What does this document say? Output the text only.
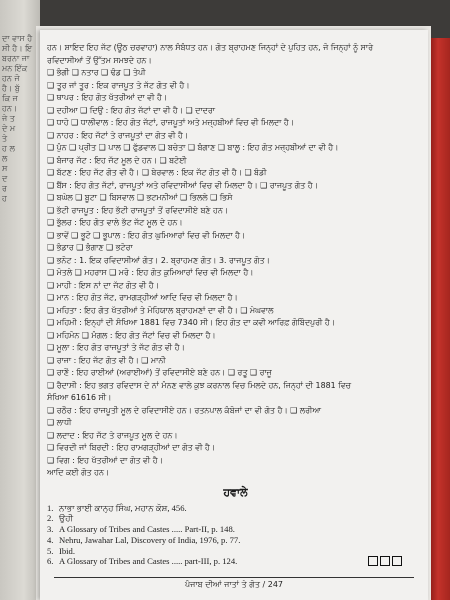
ਦਾ ਵਾਸ ਹੈ
ਸੀ ਹੈ। ਇ
ਬਰਨਾ ਜਾ
ਮਨ ਇੱਕ
ਹਨ ਜੋ
ਹੈ। ਬੁੱ
ਕਿ ਜ
ਹਨ।
ਜੇ ਤ
ਦੇ ਮ
ਤੇ
ਹ ਲ
ਲ
ਸ
ਦ
ਰ
ਹ
ਹਨ। ਸ਼ਾਇਦ ਇਹ ਜੱਟ (ਊਠ ਚਰਵਾਹਾ) ਨਾਲ ਸੰਬੰਧਤ ਹਨ। ਗੋਤ ਬ੍ਰਾਹਮਣ ਜਿਨ੍ਹਾਂ ਦੇ ਪੁਹਿਤ ਹਨ, ਜੋ ਜਿਨ੍ਹਾਂ ਨੂੰ ਸਾਰੇ
ਰਵਿਦਾਸੀਆਂ ਤੋਂ ਉੱਤਮ ਸਮਝਦੇ ਹਨ।
❑ ਭੰਗੀ ❑ ਨਤਾਰ ❑ ਢੰਡ ❑ ਤੇਪੀ
❑ ਤੂਰ ਜਾਂ ਤੂਰ : ਇਕ ਰਾਜਪੂਤ ਤੇ ਜੱਟ ਗੋਤ ਵੀ ਹੈ।
❑ ਥਾਪਰ : ਇਹ ਗੋਤ ਖੱਤਰੀਆਂ ਦਾ ਵੀ ਹੈ।
❑ ਦਹੀਆ ❑ ਦਿਉ : ਇਹ ਗੋਤ ਜੱਟਾਂ ਦਾ ਵੀ ਹੈ। ❑ ਦਾਦਰਾ
❑ ਧਾਹੋ ❑ ਧਾਲੀਵਾਲ : ਇਹ ਗੋਤ ਜੱਟਾਂ, ਰਾਜਪੂਤਾਂ ਅਤੇ ਮਜ਼੍ਹਬੀਆਂ ਵਿਚ ਵੀ ਮਿਲਦਾ ਹੈ।
❑ ਨਾਹਰ : ਇਹ ਜੱਟਾਂ ਤੇ ਰਾਜਪੂਤਾਂ ਦਾ ਗੋਤ ਵੀ ਹੈ।
❑ ਪੁੰਨ ❑ ਪ੍ਰੀਤ ❑ ਪਾਲ ❑ ਫੁੱਡਵਾਲ ❑ ਬਚੇਤਾ ❑ ਬੰਗਾਣ ❑ ਬਾਲੂ : ਇਹ ਗੋਤ ਮਜ਼੍ਹਬੀਆਂ ਦਾ ਵੀ ਹੈ।
❑ ਬੰਜਾਰ ਜੱਟ : ਇਹ ਜੱਟ ਮੂਲ ਦੇ ਹਨ। ❑ ਬਟੋਈ
❑ ਬੱਟਣ : ਇਹ ਜੱਟ ਗੋਤ ਵੀ ਹੈ। ❑ ਬੇਰਵਾਲ : ਇਕ ਜੱਟ ਗੋਤ ਵੀ ਹੈ। ❑ ਬੰਡੀ
❑ ਬੈਂਸ : ਇਹ ਗੋਤ ਜੱਟਾਂ, ਰਾਜਪੂਤਾਂ ਅਤੇ ਰਵਿਦਾਸੀਆਂ ਵਿਚ ਵੀ ਮਿਲਦਾ ਹੈ। ❑ ਰਾਜਪੂਤ ਗੋਤ ਹੈ।
❑ ਬਘੇਲ ❑ ਬੂਟਾ ❑ ਬਿਸਵਾਲ ❑ ਭਟਮਨੀਆਂ ❑ ਭਿਲਲੇ ❑ ਭਿਸੋ
❑ ਭੱਟੀ ਰਾਜਪੂਤ : ਇਹ ਭੱਟੀ ਰਾਜਪੂਤਾਂ ਤੋਂ ਰਵਿਦਾਸੀਏ ਬਣੇ ਹਨ।
❑ ਭੁੱਲਰ : ਇਹ ਗੋਤ ਵਾਲੇ ਭੱਟ ਜੱਟ ਮੂਲ ਦੇ ਹਨ।
❑ ਭਾਵੇਂ ❑ ਭੂਟੋ ❑ ਭੂਪਾਲ : ਇਹ ਗੋਤ ਘੁਮਿਆਰਾਂ ਵਿਚ ਵੀ ਮਿਲਦਾ ਹੈ।
❑ ਭੰਡਾਰ ❑ ਭੰਗਾਣ ❑ ਭਟੋਰਾ
❑ ਭਨੋਟ : 1. ਇਕ ਰਵਿਦਾਸੀਆਂ ਗੋਤ। 2. ਬ੍ਰਾਹਮਣ ਗੋਤ। 3. ਰਾਜਪੂਤ ਗੋਤ।
❑ ਮੋਤਲੇ ❑ ਮਹਰਾਸ ❑ ਮਰੋ : ਇਹ ਗੋਤ ਕੁਮਿਆਰਾਂ ਵਿਚ ਵੀ ਮਿਲਦਾ ਹੈ।
❑ ਮਾਹੀ : ਇਸ ਨਾਂ ਦਾ ਜੱਟ ਗੋਤ ਵੀ ਹੈ।
❑ ਮਾਨ : ਇਹ ਗੋਤ ਜੱਟ, ਰਾਮਗੜ੍ਹੀਆਂ ਆਦਿ ਵਿਚ ਵੀ ਮਿਲਦਾ ਹੈ।
❑ ਮਹਿਤਾ : ਇਹ ਗੋਤ ਖੱਤਰੀਆਂ ਤੇ ਮੋਹਿਯਾਲ ਬ੍ਰਾਹਮਣਾਂ ਦਾ ਵੀ ਹੈ। ❑ ਮੇਘਵਾਲ
❑ ਮਹਿਮੀ : ਇਨ੍ਹਾਂ ਦੀ ਸੰਖਿਆ 1881 ਵਿਚ 7340 ਸੀ। ਇਹ ਗੋਤ ਦਾ ਕਵੀ ਆਰਿਫ਼ ਗੋਬਿੰਦਪੁਰੀ ਹੈ।
❑ ਮਹਿਮੋਨ ❑ ਮੰਗਲ : ਇਹ ਗੋਤ ਜੱਟਾਂ ਵਿਚ ਵੀ ਮਿਲਦਾ ਹੈ।
❑ ਮੂਲਾ : ਇਹ ਗੋਤ ਰਾਜਪੂਤਾਂ ਤੇ ਜੱਟ ਗੋਤ ਵੀ ਹੈ।
❑ ਰਾਜਾ : ਇਹ ਜੱਟ ਗੋਤ ਵੀ ਹੈ। ❑ ਮਾਨੀ
❑ ਰਾਣੋਂ : ਇਹ ਰਾਈਆਂ (ਅਰਾਈਆਂ) ਤੋਂ ਰਵਿਦਾਸੀਏ ਬਣੇ ਹਨ। ❑ ਰਤੂ ❑ ਰਾਜੂ
❑ ਰੈਦਾਸੀ : ਇਹ ਭਗਤ ਰਵਿਦਾਸ ਦੇ ਨਾਂ ਮੰਨਣ ਵਾਲੇ ਕੁਝ ਕਰਨਾਲ ਵਿਚ ਮਿਲਦੇ ਹਨ, ਜਿਨ੍ਹਾਂ ਦੀ 1881 ਵਿਚ
ਸੰਖਿਆ 61616 ਸੀ।
❑ ਰਠੌਰ : ਇਹ ਰਾਜਪੂਤੀ ਮੂਲ ਦੇ ਰਵਿਦਾਸੀਏ ਹਨ। ਰਤਨਪਾਲ ਕੰਬੋਜਾਂ ਦਾ ਵੀ ਗੋਤ ਹੈ। ❑ ਲਰੀਆ
❑ ਲਾਧੀ
❑ ਲਦਾਦ : ਇਹ ਜੱਟ ਤੇ ਰਾਜਪੂਤ ਮੂਲ ਦੇ ਹਨ।
❑ ਵਿਰਦੀ ਜਾਂ ਬਿਰਦੀ : ਇਹ ਰਾਮਗੜ੍ਹੀਆਂ ਦਾ ਗੋਤ ਵੀ ਹੈ।
❑ ਵਿਗ : ਇਹ ਖੱਤਰੀਆਂ ਦਾ ਗੋਤ ਵੀ ਹੈ।
ਆਦਿ ਕਈ ਗੋਤ ਹਨ।
ਹਵਾਲੇ
1. ਨਾਭਾ ਭਾਈ ਕਾਨ੍ਹ ਸਿੰਘ, ਮਹਾਨ ਕੋਸ਼, 456.
2. ਉਹੀ
3. A Glossary of Tribes and Castes ..... Part-II, p. 148.
4. Nehru, Jawahar Lal, Discovery of India, 1976, p. 77.
5. Ibid.
6. A Glossary of Tribes and Castes ..... part-III, p. 124.
ਪੰਜਾਬ ਦੀਆਂ ਜਾਤਾਂ ਤੇ ਗੋਤ / 247
